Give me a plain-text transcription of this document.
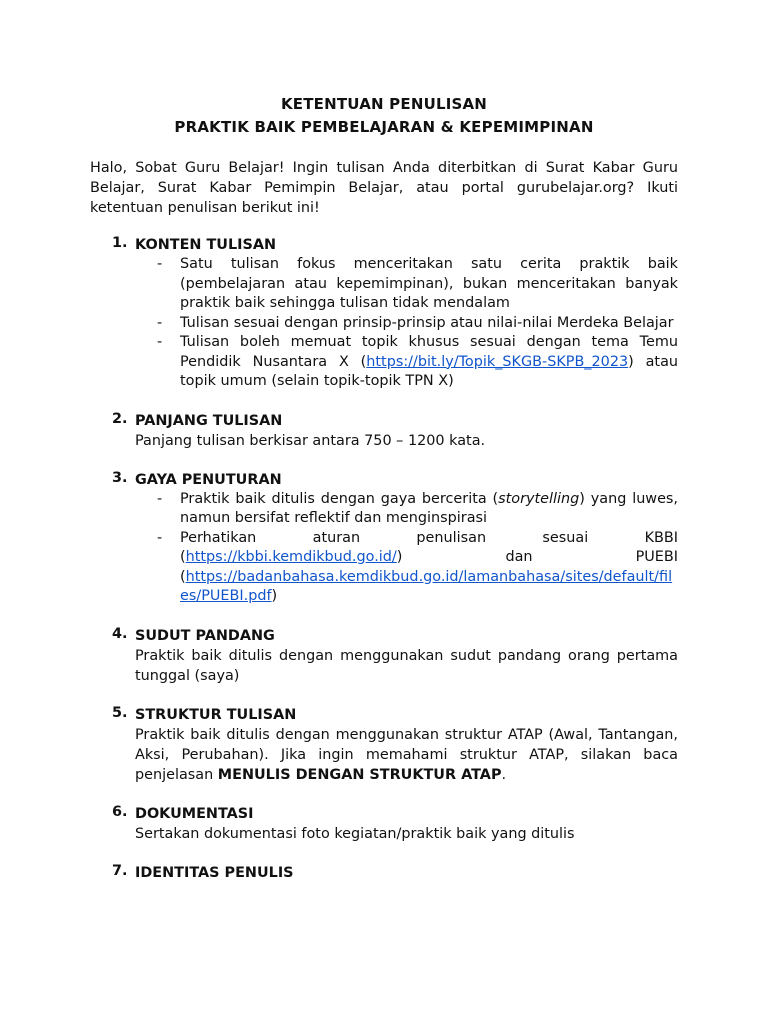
KETENTUAN PENULISAN
PRAKTIK BAIK PEMBELAJARAN & KEPEMIMPINAN
Halo, Sobat Guru Belajar! Ingin tulisan Anda diterbitkan di Surat Kabar Guru Belajar, Surat Kabar Pemimpin Belajar, atau portal gurubelajar.org? Ikuti ketentuan penulisan berikut ini!
1. KONTEN TULISAN
-	Satu tulisan fokus menceritakan satu cerita praktik baik (pembelajaran atau kepemimpinan), bukan menceritakan banyak praktik baik sehingga tulisan tidak mendalam
-	Tulisan sesuai dengan prinsip-prinsip atau nilai-nilai Merdeka Belajar
-	Tulisan boleh memuat topik khusus sesuai dengan tema Temu Pendidik Nusantara X (https://bit.ly/Topik_SKGB-SKPB_2023) atau topik umum (selain topik-topik TPN X)
2. PANJANG TULISAN
Panjang tulisan berkisar antara 750 – 1200 kata.
3. GAYA PENUTURAN
-	Praktik baik ditulis dengan gaya bercerita (storytelling) yang luwes, namun bersifat reflektif dan menginspirasi
- Perhatikan	aturan	penulisan	sesuai	KBBI
(https://kbbi.kemdikbud.go.id/)	dan	PUEBI
(https://badanbahasa.kemdikbud.go.id/lamanbahasa/sites/default/files/PUEBI.pdf)
4. SUDUT PANDANG
Praktik baik ditulis dengan menggunakan sudut pandang orang pertama tunggal (saya)
5. STRUKTUR TULISAN
Praktik baik ditulis dengan menggunakan struktur ATAP (Awal, Tantangan, Aksi, Perubahan). Jika ingin memahami struktur ATAP, silakan baca penjelasan MENULIS DENGAN STRUKTUR ATAP.
6. DOKUMENTASI
Sertakan dokumentasi foto kegiatan/praktik baik yang ditulis
7. IDENTITAS PENULIS
